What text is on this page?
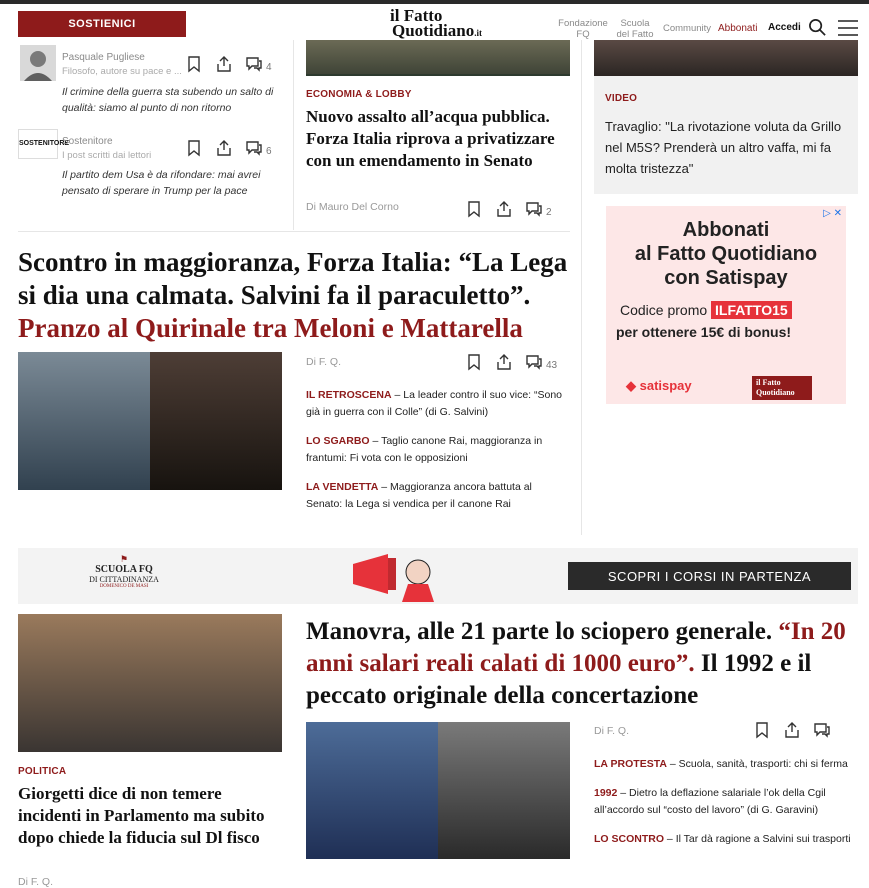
SOSTIENICI	il Fatto
Quotidiano.it
Fondazione
FQ
Scuola
del Fatto
Community Abbonati Accedi
Pasquale Pugliese
Filosofo, autore su pace e ...	4
Il crimine della guerra sta subendo un salto di qualità: siamo al punto di non ritorno
SOSTENITORE
Sostenitore
I post scritti dai lettori	6
Il partito dem Usa è da rifondare: mai avrei pensato di sperare in Trump per la pace
ECONOMIA & LOBBY
Nuovo assalto all’acqua pubblica. Forza Italia riprova a privatizzare con un emendamento in Senato
Di Mauro Del Corno	2
VIDEO
Travaglio: "La rivotazione voluta da Grillo nel M5S? Prenderà un altro vaffa, mi fa molta tristezza"
▷ ✕
Abbonati
al Fatto Quotidiano
con Satispay
Codice promo ILFATTO15
per ottenere 15€ di bonus!
◆ satispay	il Fatto
Quotidiano
Scontro in maggioranza, Forza Italia: “La Lega si dia una calmata. Salvini fa il paraculetto”. Pranzo al Quirinale tra Meloni e Mattarella
Di F. Q.	43
IL RETROSCENA – La leader contro il suo vice: “Sono già in guerra con il Colle” (di G. Salvini)
LO SGARBO – Taglio canone Rai, maggioranza in frantumi: Fi vota con le opposizioni
LA VENDETTA – Maggioranza ancora battuta al Senato: la Lega si vendica per il canone Rai
⚑
SCUOLA FQ
DI CITTADINANZA
DOMENICO DE MASI
SCOPRI I CORSI IN PARTENZA
POLITICA
Giorgetti dice di non temere incidenti in Parlamento ma subito dopo chiede la fiducia sul Dl fisco
Di F. Q.
Manovra, alle 21 parte lo sciopero generale. “In 20 anni salari reali calati di 1000 euro”. Il 1992 e il peccato originale della concertazione
Di F. Q.
LA PROTESTA – Scuola, sanità, trasporti: chi si ferma
1992 – Dietro la deflazione salariale l’ok della Cgil all’accordo sul “costo del lavoro” (di G. Garavini)
LO SCONTRO – Il Tar dà ragione a Salvini sui trasporti
